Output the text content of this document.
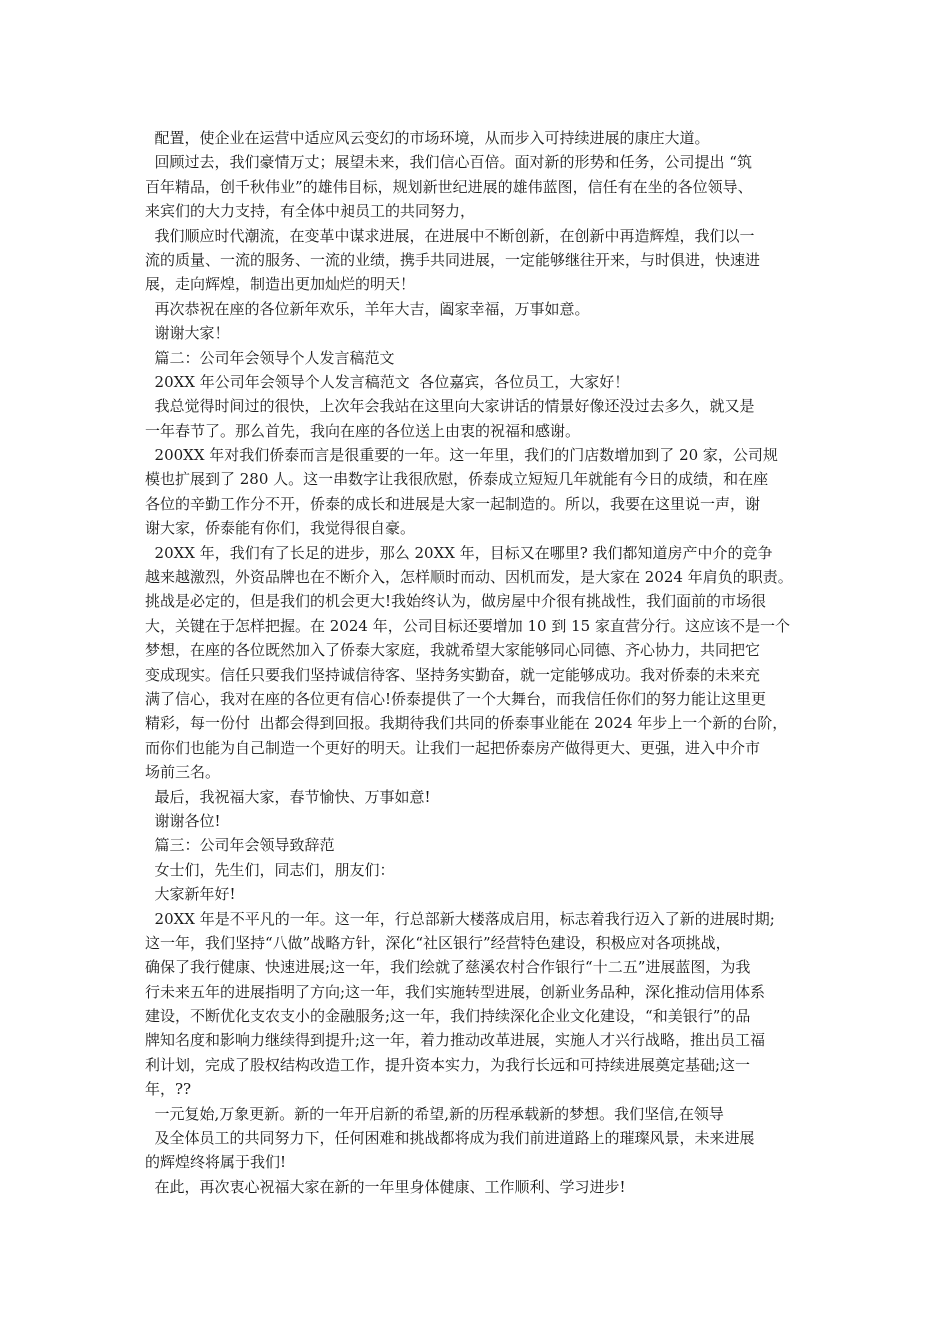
配置，使企业在运营中适应风云变幻的市场环境，从而步入可持续进展的康庄大道。
回顾过去，我们豪情万丈；展望未来，我们信心百倍。面对新的形势和任务，公司提出 “筑
百年精品，创千秋伟业”的雄伟目标，规划新世纪进展的雄伟蓝图，信任有在坐的各位领导、
来宾们的大力支持，有全体中昶员工的共同努力，
我们顺应时代潮流，在变革中谋求进展，在进展中不断创新，在创新中再造辉煌，我们以一
流的质量、一流的服务、一流的业绩，携手共同进展，一定能够继往开来，与时俱进，快速进
展，走向辉煌，制造出更加灿烂的明天！
再次恭祝在座的各位新年欢乐，羊年大吉，阖家幸福，万事如意。
谢谢大家！
篇二：公司年会领导个人发言稿范文
20XX 年公司年会领导个人发言稿范文  各位嘉宾，各位员工，大家好！
我总觉得时间过的很快，上次年会我站在这里向大家讲话的情景好像还没过去多久，就又是
一年春节了。那么首先，我向在座的各位送上由衷的祝福和感谢。
200XX 年对我们侨泰而言是很重要的一年。这一年里，我们的门店数增加到了 20 家，公司规
模也扩展到了 280 人。这一串数字让我很欣慰，侨泰成立短短几年就能有今日的成绩，和在座
各位的辛勤工作分不开，侨泰的成长和进展是大家一起制造的。所以，我要在这里说一声，谢
谢大家，侨泰能有你们，我觉得很自豪。
20XX 年，我们有了长足的进步，那么 20XX 年，目标又在哪里? 我们都知道房产中介的竞争
越来越激烈，外资品牌也在不断介入，怎样顺时而动、因机而发，是大家在 2024 年肩负的职责。
挑战是必定的，但是我们的机会更大!我始终认为，做房屋中介很有挑战性，我们面前的市场很
大，关键在于怎样把握。在 2024 年，公司目标还要增加 10 到 15 家直营分行。这应该不是一个
梦想，在座的各位既然加入了侨泰大家庭，我就希望大家能够同心同德、齐心协力，共同把它
变成现实。信任只要我们坚持诚信待客、坚持务实勤奋，就一定能够成功。我对侨泰的未来充
满了信心，我对在座的各位更有信心!侨泰提供了一个大舞台，而我信任你们的努力能让这里更
精彩，每一份付  出都会得到回报。我期待我们共同的侨泰事业能在 2024 年步上一个新的台阶，
而你们也能为自己制造一个更好的明天。让我们一起把侨泰房产做得更大、更强，进入中介市
场前三名。
最后，我祝福大家，春节愉快、万事如意!
谢谢各位!
篇三：公司年会领导致辞范
女士们，先生们，同志们，朋友们：
大家新年好!
20XX 年是不平凡的一年。这一年，行总部新大楼落成启用，标志着我行迈入了新的进展时期;
这一年，我们坚持“八做”战略方针，深化“社区银行”经营特色建设，积极应对各项挑战，
确保了我行健康、快速进展;这一年，我们绘就了慈溪农村合作银行“十二五”进展蓝图，为我
行未来五年的进展指明了方向;这一年，我们实施转型进展，创新业务品种，深化推动信用体系
建设，不断优化支农支小的金融服务;这一年，我们持续深化企业文化建设，“和美银行”的品
牌知名度和影响力继续得到提升;这一年，着力推动改革进展，实施人才兴行战略，推出员工福
利计划，完成了股权结构改造工作，提升资本实力，为我行长远和可持续进展奠定基础;这一
年，??
一元复始,万象更新。新的一年开启新的希望,新的历程承载新的梦想。我们坚信,在领导
及全体员工的共同努力下，任何困难和挑战都将成为我们前进道路上的璀璨风景，未来进展
的辉煌终将属于我们!
在此，再次衷心祝福大家在新的一年里身体健康、工作顺利、学习进步!
